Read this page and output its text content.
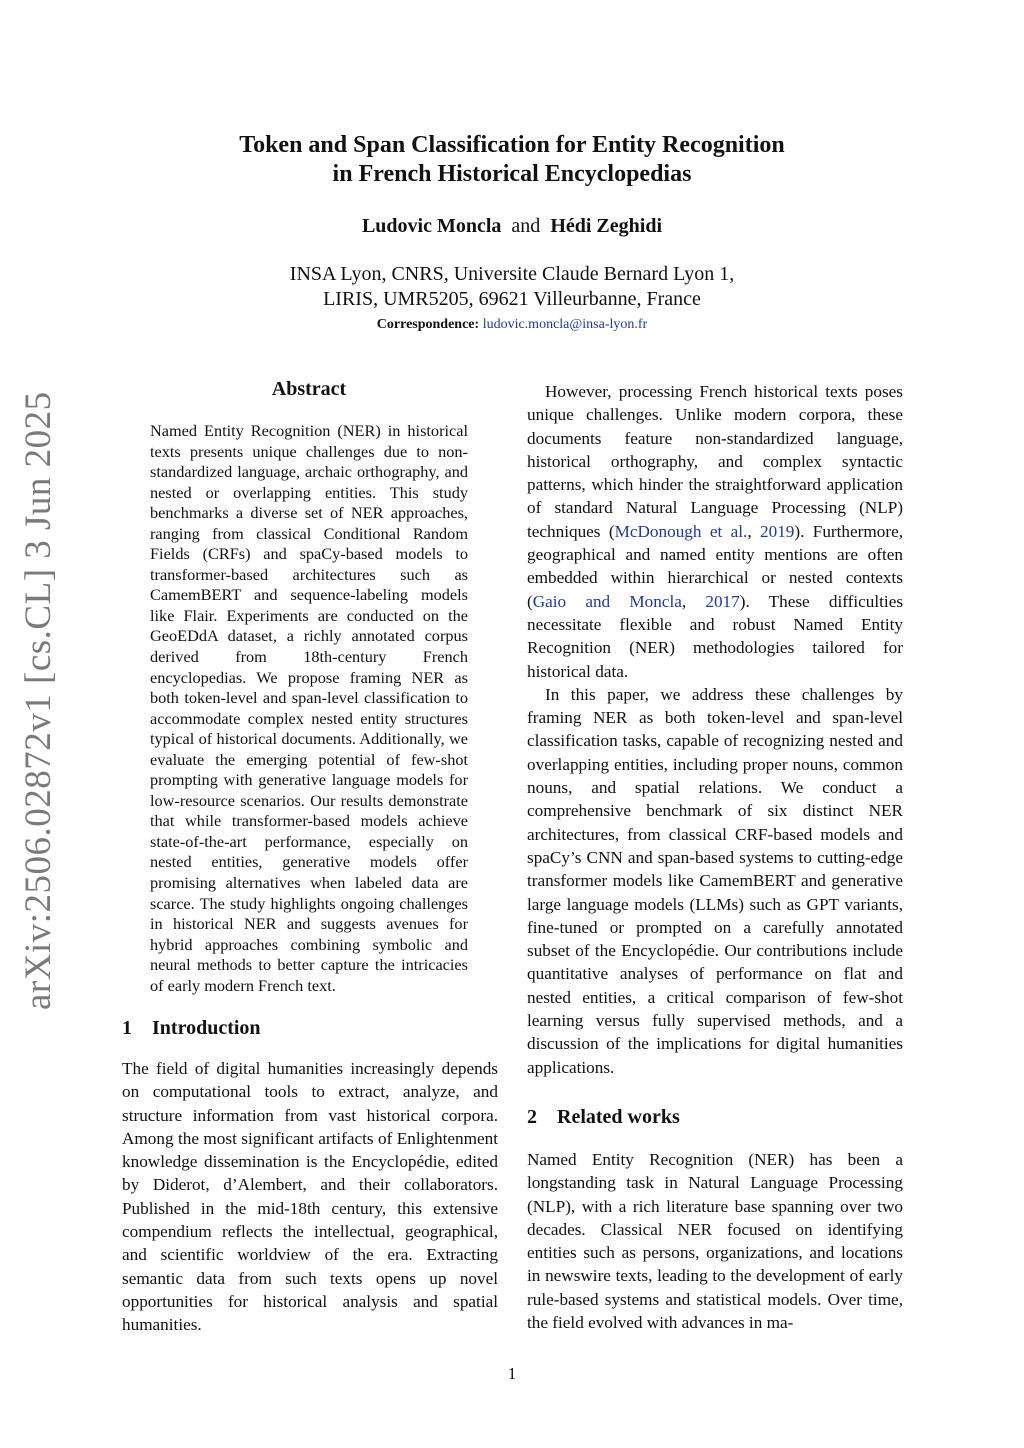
arXiv:2506.02872v1 [cs.CL] 3 Jun 2025
Token and Span Classification for Entity Recognition
in French Historical Encyclopedias
Ludovic Moncla and Hédi Zeghidi
INSA Lyon, CNRS, Universite Claude Bernard Lyon 1,
LIRIS, UMR5205, 69621 Villeurbanne, France
Correspondence: ludovic.moncla@insa-lyon.fr
Abstract
Named Entity Recognition (NER) in historical texts presents unique challenges due to non-standardized language, archaic orthography, and nested or overlapping entities. This study benchmarks a diverse set of NER approaches, ranging from classical Conditional Random Fields (CRFs) and spaCy-based models to transformer-based architectures such as CamemBERT and sequence-labeling models like Flair. Experiments are conducted on the GeoEDdA dataset, a richly annotated corpus derived from 18th-century French encyclopedias. We propose framing NER as both token-level and span-level classification to accommodate complex nested entity structures typical of historical documents. Additionally, we evaluate the emerging potential of few-shot prompting with generative language models for low-resource scenarios. Our results demonstrate that while transformer-based models achieve state-of-the-art performance, especially on nested entities, generative models offer promising alternatives when labeled data are scarce. The study highlights ongoing challenges in historical NER and suggests avenues for hybrid approaches combining symbolic and neural methods to better capture the intricacies of early modern French text.
1 Introduction

The field of digital humanities increasingly depends on computational tools to extract, analyze, and structure information from vast historical corpora. Among the most significant artifacts of Enlightenment knowledge dissemination is the Encyclopédie, edited by Diderot, d’Alembert, and their collaborators. Published in the mid-18th century, this extensive compendium reflects the intellectual, geographical, and scientific worldview of the era. Extracting semantic data from such texts opens up novel opportunities for historical analysis and spatial humanities.

However, processing French historical texts poses unique challenges. Unlike modern corpora, these documents feature non-standardized language, historical orthography, and complex syntactic patterns, which hinder the straightforward application of standard Natural Language Processing (NLP) techniques (McDonough et al., 2019). Furthermore, geographical and named entity mentions are often embedded within hierarchical or nested contexts (Gaio and Moncla, 2017). These difficulties necessitate flexible and robust Named Entity Recognition (NER) methodologies tailored for historical data.

In this paper, we address these challenges by framing NER as both token-level and span-level classification tasks, capable of recognizing nested and overlapping entities, including proper nouns, common nouns, and spatial relations. We conduct a comprehensive benchmark of six distinct NER architectures, from classical CRF-based models and spaCy’s CNN and span-based systems to cutting-edge transformer models like CamemBERT and generative large language models (LLMs) such as GPT variants, fine-tuned or prompted on a carefully annotated subset of the Encyclopédie. Our contributions include quantitative analyses of performance on flat and nested entities, a critical comparison of few-shot learning versus fully supervised methods, and a discussion of the implications for digital humanities applications.

2 Related works

Named Entity Recognition (NER) has been a longstanding task in Natural Language Processing (NLP), with a rich literature base spanning over two decades. Classical NER focused on identifying entities such as persons, organizations, and locations in newswire texts, leading to the development of early rule-based systems and statistical models. Over time, the field evolved with advances in ma-

1
